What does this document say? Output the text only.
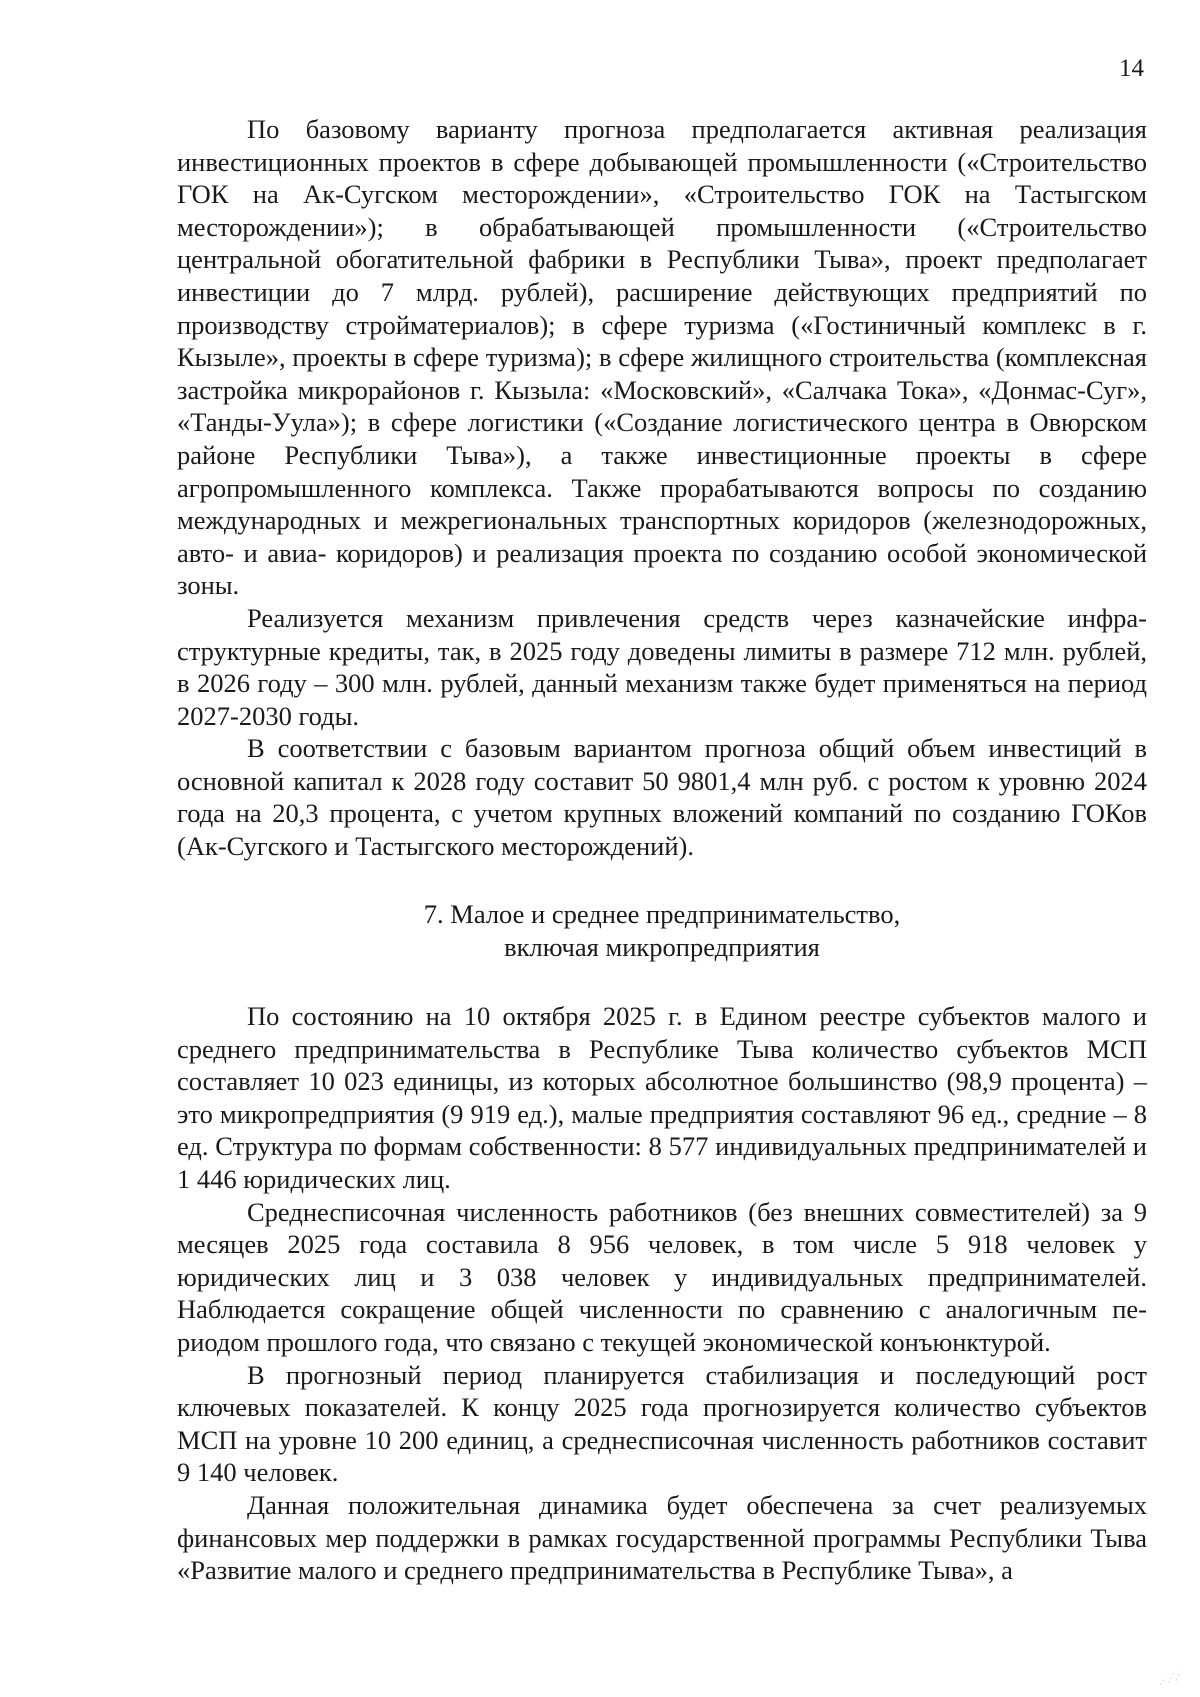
14

По базовому варианту прогноза предполагается активная реализация инвестиционных проектов в сфере добывающей промышленности («Строительство ГОК на Ак-Сугском месторождении», «Строительство ГОК на Тастыгском месторождении»); в обрабатывающей промышленности («Строительство центральной обогатительной фабрики в Республики Тыва», проект предполагает инвестиции до 7 млрд. рублей), расширение действующих предприятий по производству стройматериалов); в сфере туризма («Гостиничный комплекс в г. Кызыле», проекты в сфере туризма); в сфере жилищного строительства (комплексная застройка микрорайонов г. Кызыла: «Московский», «Салчака Тока», «Донмас-Суг», «Танды-Уула»); в сфере логистики («Создание логистического центра в Овюрском районе Республики Тыва»), а также инвестиционные проекты в сфере агропромышленного комплекса. Также прорабатываются вопросы по созданию международных и межрегиональных транспортных коридоров (железнодорожных, авто- и авиа- коридоров) и реализация проекта по созданию особой экономической зоны.

Реализуется механизм привлечения средств через казначейские инфраструктурные кредиты, так, в 2025 году доведены лимиты в размере 712 млн. рублей, в 2026 году – 300 млн. рублей, данный механизм также будет применяться на период 2027-2030 годы.

В соответствии с базовым вариантом прогноза общий объем инвестиций в основной капитал к 2028 году составит 50 9801,4 млн руб. с ростом к уровню 2024 года на 20,3 процента, с учетом крупных вложений компаний по созданию ГОКов (Ак-Сугского и Тастыгского месторождений).

7. Малое и среднее предпринимательство,
включая микропредприятия

По состоянию на 10 октября 2025 г. в Едином реестре субъектов малого и среднего предпринимательства в Республике Тыва количество субъектов МСП составляет 10 023 единицы, из которых абсолютное большинство (98,9 процента) – это микропредприятия (9 919 ед.), малые предприятия составляют 96 ед., средние – 8 ед. Структура по формам собственности: 8 577 индивидуальных предпринимателей и 1 446 юридических лиц.

Среднесписочная численность работников (без внешних совместителей) за 9 месяцев 2025 года составила 8 956 человек, в том числе 5 918 человек у юридических лиц и 3 038 человек у индивидуальных предпринимателей. Наблюдается сокращение общей численности по сравнению с аналогичным периодом прошлого года, что связано с текущей экономической конъюнктурой.

В прогнозный период планируется стабилизация и последующий рост ключевых показателей. К концу 2025 года прогнозируется количество субъектов МСП на уровне 10 200 единиц, а среднесписочная численность работников составит 9 140 человек.

Данная положительная динамика будет обеспечена за счет реализуемых финансовых мер поддержки в рамках государственной программы Республики Тыва «Развитие малого и среднего предпринимательства в Республике Тыва», а
